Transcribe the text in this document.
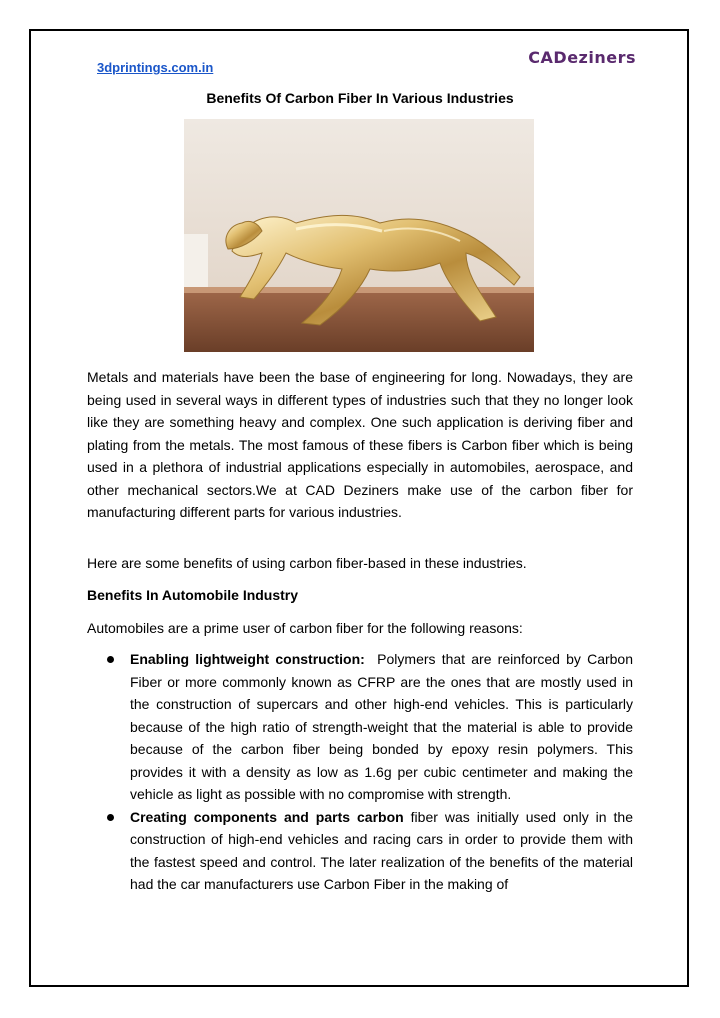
3dprintings.com.in
CADeziners
Benefits Of Carbon Fiber In Various Industries
Metals and materials have been the base of engineering for long. Nowadays, they are being used in several ways in different types of industries such that they no longer look like they are something heavy and complex. One such application is deriving fiber and plating from the metals. The most famous of these fibers is Carbon fiber which is being used in a plethora of industrial applications especially in automobiles, aerospace, and other mechanical sectors.We at CAD Deziners make use of the carbon fiber for manufacturing different parts for various industries.
Here are some benefits of using carbon fiber-based in these industries.
Benefits In Automobile Industry
Automobiles are a prime user of carbon fiber for the following reasons:
Enabling lightweight construction:  Polymers that are reinforced by Carbon Fiber or more commonly known as CFRP are the ones that are mostly used in the construction of supercars and other high-end vehicles. This is particularly because of the high ratio of strength-weight that the material is able to provide because of the carbon fiber being bonded by epoxy resin polymers. This provides it with a density as low as 1.6g per cubic centimeter and making the vehicle as light as possible with no compromise with strength.
Creating components and parts carbon fiber was initially used only in the construction of high-end vehicles and racing cars in order to provide them with the fastest speed and control. The later realization of the benefits of the material had the car manufacturers use Carbon Fiber in the making of
